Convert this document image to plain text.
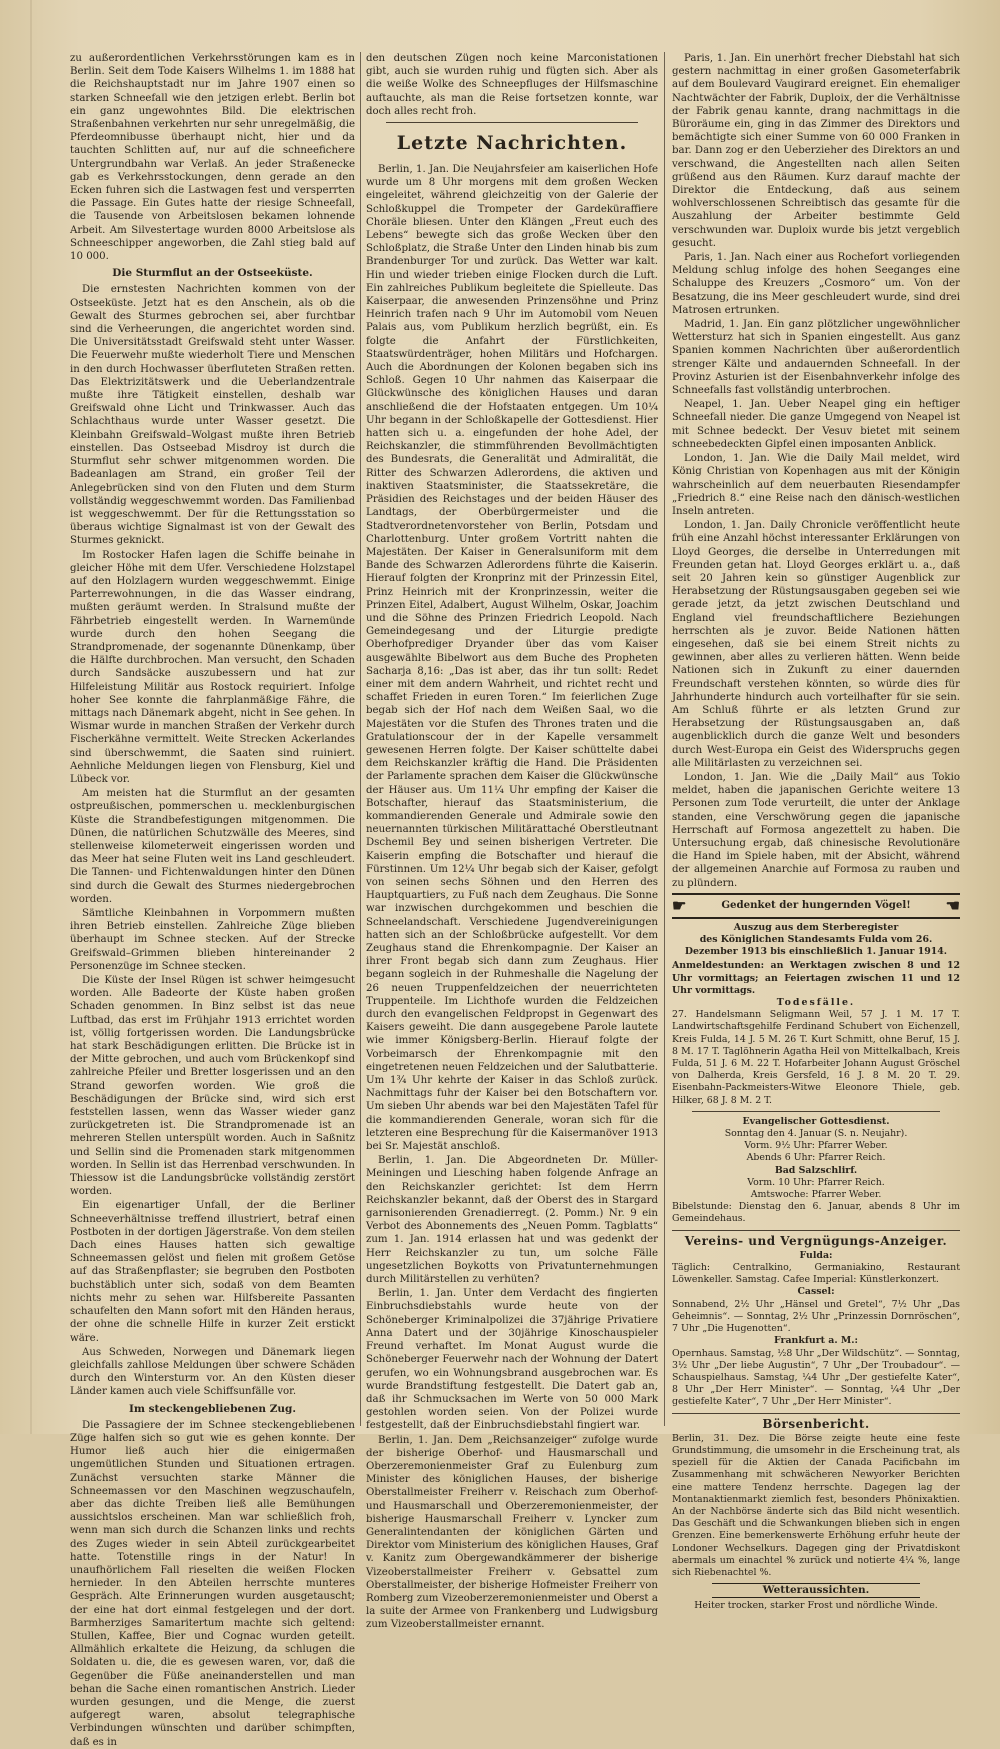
zu außerordentlichen Verkehrsstörungen kam es in Berlin. Seit dem Tode Kaisers Wilhelms 1. im 1888 hat die Reichshauptstadt nur im Jahre 1907 einen so starken Schneefall wie den jetzigen erlebt. Berlin bot ein ganz ungewohntes Bild. Die elektrischen Straßenbahnen verkehrten nur sehr unregelmäßig, die Pferdeomnibusse überhaupt nicht, hier und da tauchten Schlitten auf, nur auf die schneefichere Untergrundbahn war Verlaß. An jeder Straßenecke gab es Verkehrsstockungen, denn gerade an den Ecken fuhren sich die Lastwagen fest und versperrten die Passage. Ein Gutes hatte der riesige Schneefall, die Tausende von Arbeitslosen bekamen lohnende Arbeit. Am Silvestertage wurden 8000 Arbeitslose als Schneeschipper angeworben, die Zahl stieg bald auf 10 000.

Die Sturmflut an der Ostseeküste.

Die ernstesten Nachrichten kommen von der Ostseeküste. Jetzt hat es den Anschein, als ob die Gewalt des Sturmes gebrochen sei, aber furchtbar sind die Verheerungen, die angerichtet worden sind. Die Universitätsstadt Greifswald steht unter Wasser. Die Feuerwehr mußte wiederholt Tiere und Menschen in den durch Hochwasser überfluteten Straßen retten. Das Elektrizitätswerk und die Ueberlandzentrale mußte ihre Tätigkeit einstellen, deshalb war Greifswald ohne Licht und Trinkwasser. Auch das Schlachthaus wurde unter Wasser gesetzt. Die Kleinbahn Greifswald–Wolgast mußte ihren Betrieb einstellen. Das Ostseebad Misdroy ist durch die Sturmflut sehr schwer mitgenommen worden. Die Badeanlagen am Strand, ein großer Teil der Anlegebrücken sind von den Fluten und dem Sturm vollständig weggeschwemmt worden. Das Familienbad ist weggeschwemmt. Der für die Rettungsstation so überaus wichtige Signalmast ist von der Gewalt des Sturmes geknickt.

Im Rostocker Hafen lagen die Schiffe beinahe in gleicher Höhe mit dem Ufer. Verschiedene Holzstapel auf den Holzlagern wurden weggeschwemmt. Einige Parterrewohnungen, in die das Wasser eindrang, mußten geräumt werden. In Stralsund mußte der Fährbetrieb eingestellt werden. In Warnemünde wurde durch den hohen Seegang die Strandpromenade, der sogenannte Dünenkamp, über die Hälfte durchbrochen. Man versucht, den Schaden durch Sandsäcke auszubessern und hat zur Hilfeleistung Militär aus Rostock requiriert. Infolge hoher See konnte die fahrplanmäßige Fähre, die mittags nach Dänemark abgeht, nicht in See gehen. In Wismar wurde in manchen Straßen der Verkehr durch Fischerkähne vermittelt. Weite Strecken Ackerlandes sind überschwemmt, die Saaten sind ruiniert. Aehnliche Meldungen liegen von Flensburg, Kiel und Lübeck vor.

Am meisten hat die Sturmflut an der gesamten ostpreußischen, pommerschen u. mecklenburgischen Küste die Strandbefestigungen mitgenommen. Die Dünen, die natürlichen Schutzwälle des Meeres, sind stellenweise kilometerweit eingerissen worden und das Meer hat seine Fluten weit ins Land geschleudert. Die Tannen- und Fichtenwaldungen hinter den Dünen sind durch die Gewalt des Sturmes niedergebrochen worden.

Sämtliche Kleinbahnen in Vorpommern mußten ihren Betrieb einstellen. Zahlreiche Züge blieben überhaupt im Schnee stecken. Auf der Strecke Greifswald–Grimmen blieben hintereinander 2 Personenzüge im Schnee stecken.

Die Küste der Insel Rügen ist schwer heimgesucht worden. Alle Badeorte der Küste haben großen Schaden genommen. In Binz selbst ist das neue Luftbad, das erst im Frühjahr 1913 errichtet worden ist, völlig fortgerissen worden. Die Landungsbrücke hat stark Beschädigungen erlitten. Die Brücke ist in der Mitte gebrochen, und auch vom Brückenkopf sind zahlreiche Pfeiler und Bretter losgerissen und an den Strand geworfen worden. Wie groß die Beschädigungen der Brücke sind, wird sich erst feststellen lassen, wenn das Wasser wieder ganz zurückgetreten ist. Die Strandpromenade ist an mehreren Stellen unterspült worden. Auch in Saßnitz und Sellin sind die Promenaden stark mitgenommen worden. In Sellin ist das Herrenbad verschwunden. In Thiessow ist die Landungsbrücke vollständig zerstört worden.

Ein eigenartiger Unfall, der die Berliner Schneeverhältnisse treffend illustriert, betraf einen Postboten in der dortigen Jägerstraße. Von dem steilen Dach eines Hauses hatten sich gewaltige Schneemassen gelöst und fielen mit großem Getöse auf das Straßenpflaster; sie begruben den Postboten buchstäblich unter sich, sodaß von dem Beamten nichts mehr zu sehen war. Hilfsbereite Passanten schaufelten den Mann sofort mit den Händen heraus, der ohne die schnelle Hilfe in kurzer Zeit erstickt wäre.

Aus Schweden, Norwegen und Dänemark liegen gleichfalls zahllose Meldungen über schwere Schäden durch den Wintersturm vor. An den Küsten dieser Länder kamen auch viele Schiffsunfälle vor.

Im steckengebliebenen Zug.

Die Passagiere der im Schnee steckengebliebenen Züge halfen sich so gut wie es gehen konnte. Der Humor ließ auch hier die einigermaßen ungemütlichen Stunden und Situationen ertragen. Zunächst versuchten starke Männer die Schneemassen vor den Maschinen wegzuschaufeln, aber das dichte Treiben ließ alle Bemühungen aussichtslos erscheinen. Man war schließlich froh, wenn man sich durch die Schanzen links und rechts des Zuges wieder in sein Abteil zurückgearbeitet hatte. Totenstille rings in der Natur! In unaufhörlichem Fall rieselten die weißen Flocken hernieder. In den Abteilen herrschte munteres Gespräch. Alte Erinnerungen wurden ausgetauscht; der eine hat dort einmal festgelegen und der dort. Barmherziges Samaritertum machte sich geltend: Stullen, Kaffee, Bier und Cognac wurden geteilt. Allmählich erkaltete die Heizung, da schlugen die Soldaten u. die, die es gewesen waren, vor, daß die Gegenüber die Füße aneinanderstellen und man behan die Sache einen romantischen Anstrich. Lieder wurden gesungen, und die Menge, die zuerst aufgeregt waren, absolut telegraphische Verbindungen wünschten und darüber schimpften, daß es in

den deutschen Zügen noch keine Marconistationen gibt, auch sie wurden ruhig und fügten sich. Aber als die weiße Wolke des Schneepfluges der Hilfsmaschine auftauchte, als man die Reise fortsetzen konnte, war doch alles recht froh.

Letzte Nachrichten.

Berlin, 1. Jan. Die Neujahrsfeier am kaiserlichen Hofe wurde um 8 Uhr morgens mit dem großen Wecken eingeleitet, während gleichzeitig von der Galerie der Schloßkuppel die Trompeter der Gardeküraffiere Choräle bliesen. Unter den Klängen „Freut euch des Lebens“ bewegte sich das große Wecken über den Schloßplatz, die Straße Unter den Linden hinab bis zum Brandenburger Tor und zurück. Das Wetter war kalt. Hin und wieder trieben einige Flocken durch die Luft. Ein zahlreiches Publikum begleitete die Spielleute. Das Kaiserpaar, die anwesenden Prinzensöhne und Prinz Heinrich trafen nach 9 Uhr im Automobil vom Neuen Palais aus, vom Publikum herzlich begrüßt, ein. Es folgte die Anfahrt der Fürstlichkeiten, Staatswürdenträger, hohen Militärs und Hofchargen. Auch die Abordnungen der Kolonen begaben sich ins Schloß. Gegen 10 Uhr nahmen das Kaiserpaar die Glückwünsche des königlichen Hauses und daran anschließend die der Hofstaaten entgegen. Um 10¼ Uhr begann in der Schloßkapelle der Gottesdienst. Hier hatten sich u. a. eingefunden der hohe Adel, der Reichskanzler, die stimmführenden Bevollmächtigten des Bundesrats, die Generalität und Admiralität, die Ritter des Schwarzen Adlerordens, die aktiven und inaktiven Staatsminister, die Staatssekretäre, die Präsidien des Reichstages und der beiden Häuser des Landtags, der Oberbürgermeister und die Stadtverordnetenvorsteher von Berlin, Potsdam und Charlottenburg. Unter großem Vortritt nahten die Majestäten. Der Kaiser in Generalsuniform mit dem Bande des Schwarzen Adlerordens führte die Kaiserin. Hierauf folgten der Kronprinz mit der Prinzessin Eitel, Prinz Heinrich mit der Kronprinzessin, weiter die Prinzen Eitel, Adalbert, August Wilhelm, Oskar, Joachim und die Söhne des Prinzen Friedrich Leopold. Nach Gemeindegesang und der Liturgie predigte Oberhofprediger Dryander über das vom Kaiser ausgewählte Bibelwort aus dem Buche des Propheten Sacharja 8,16: „Das ist aber, das ihr tun sollt: Redet einer mit dem andern Wahrheit, und richtet recht und schaffet Frieden in euren Toren.“ Im feierlichen Zuge begab sich der Hof nach dem Weißen Saal, wo die Majestäten vor die Stufen des Thrones traten und die Gratulationscour der in der Kapelle versammelt gewesenen Herren folgte. Der Kaiser schüttelte dabei dem Reichskanzler kräftig die Hand. Die Präsidenten der Parlamente sprachen dem Kaiser die Glückwünsche der Häuser aus. Um 11¼ Uhr empfing der Kaiser die Botschafter, hierauf das Staatsministerium, die kommandierenden Generale und Admirale sowie den neuernannten türkischen Militärattaché Oberstleutnant Dschemil Bey und seinen bisherigen Vertreter. Die Kaiserin empfing die Botschafter und hierauf die Fürstinnen. Um 12¼ Uhr begab sich der Kaiser, gefolgt von seinen sechs Söhnen und den Herren des Hauptquartiers, zu Fuß nach dem Zeughaus. Die Sonne war inzwischen durchgekommen und beschien die Schneelandschaft. Verschiedene Jugendvereinigungen hatten sich an der Schloßbrücke aufgestellt. Vor dem Zeughaus stand die Ehrenkompagnie. Der Kaiser an ihrer Front begab sich dann zum Zeughaus. Hier begann sogleich in der Ruhmeshalle die Nagelung der 26 neuen Truppenfeldzeichen der neuerrichteten Truppenteile. Im Lichthofe wurden die Feldzeichen durch den evangelischen Feldpropst in Gegenwart des Kaisers geweiht. Die dann ausgegebene Parole lautete wie immer Königsberg-Berlin. Hierauf folgte der Vorbeimarsch der Ehrenkompagnie mit den eingetretenen neuen Feldzeichen und der Salutbatterie. Um 1¾ Uhr kehrte der Kaiser in das Schloß zurück. Nachmittags fuhr der Kaiser bei den Botschaftern vor. Um sieben Uhr abends war bei den Majestäten Tafel für die kommandierenden Generale, woran sich für die letzteren eine Besprechung für die Kaisermanöver 1913 bei Sr. Majestät anschloß.

Berlin, 1. Jan. Die Abgeordneten Dr. Müller-Meiningen und Liesching haben folgende Anfrage an den Reichskanzler gerichtet: Ist dem Herrn Reichskanzler bekannt, daß der Oberst des in Stargard garnisonierenden Grenadierregt. (2. Pomm.) Nr. 9 ein Verbot des Abonnements des „Neuen Pomm. Tagblatts“ zum 1. Jan. 1914 erlassen hat und was gedenkt der Herr Reichskanzler zu tun, um solche Fälle ungesetzlichen Boykotts von Privatunternehmungen durch Militärstellen zu verhüten?

Berlin, 1. Jan. Unter dem Verdacht des fingierten Einbruchsdiebstahls wurde heute von der Schöneberger Kriminalpolizei die 37jährige Privatiere Anna Datert und der 30jährige Kinoschauspieler Freund verhaftet. Im Monat August wurde die Schöneberger Feuerwehr nach der Wohnung der Datert gerufen, wo ein Wohnungsbrand ausgebrochen war. Es wurde Brandstiftung festgestellt. Die Datert gab an, daß ihr Schmucksachen im Werte von 50 000 Mark gestohlen worden seien. Von der Polizei wurde festgestellt, daß der Einbruchsdiebstahl fingiert war.

Berlin, 1. Jan. Dem „Reichsanzeiger“ zufolge wurde der bisherige Oberhof- und Hausmarschall und Oberzeremonienmeister Graf zu Eulenburg zum Minister des königlichen Hauses, der bisherige Oberstallmeister Freiherr v. Reischach zum Oberhof- und Hausmarschall und Oberzeremonienmeister, der bisherige Hausmarschall Freiherr v. Lyncker zum Generalintendanten der königlichen Gärten und Direktor vom Ministerium des königlichen Hauses, Graf v. Kanitz zum Obergewandkämmerer der bisherige Vizeoberstallmeister Freiherr v. Gebsattel zum Oberstallmeister, der bisherige Hofmeister Freiherr von Romberg zum Vizeoberzeremonienmeister und Oberst a la suite der Armee von Frankenberg und Ludwigsburg zum Vizeoberstallmeister ernannt.

Paris, 1. Jan. Ein unerhört frecher Diebstahl hat sich gestern nachmittag in einer großen Gasometerfabrik auf dem Boulevard Vaugirard ereignet. Ein ehemaliger Nachtwächter der Fabrik, Duploix, der die Verhältnisse der Fabrik genau kannte, drang nachmittags in die Büroräume ein, ging in das Zimmer des Direktors und bemächtigte sich einer Summe von 60 000 Franken in bar. Dann zog er den Ueberzieher des Direktors an und verschwand, die Angestellten nach allen Seiten grüßend aus den Räumen. Kurz darauf machte der Direktor die Entdeckung, daß aus seinem wohlverschlossenen Schreibtisch das gesamte für die Auszahlung der Arbeiter bestimmte Geld verschwunden war. Duploix wurde bis jetzt vergeblich gesucht.

Paris, 1. Jan. Nach einer aus Rochefort vorliegenden Meldung schlug infolge des hohen Seeganges eine Schaluppe des Kreuzers „Cosmoro“ um. Von der Besatzung, die ins Meer geschleudert wurde, sind drei Matrosen ertrunken.

Madrid, 1. Jan. Ein ganz plötzlicher ungewöhnlicher Wettersturz hat sich in Spanien eingestellt. Aus ganz Spanien kommen Nachrichten über außerordentlich strenger Kälte und andauernden Schneefall. In der Provinz Asturien ist der Eisenbahnverkehr infolge des Schneefalls fast vollständig unterbrochen.

Neapel, 1. Jan. Ueber Neapel ging ein heftiger Schneefall nieder. Die ganze Umgegend von Neapel ist mit Schnee bedeckt. Der Vesuv bietet mit seinem schneebedeckten Gipfel einen imposanten Anblick.

London, 1. Jan. Wie die Daily Mail meldet, wird König Christian von Kopenhagen aus mit der Königin wahrscheinlich auf dem neuerbauten Riesendampfer „Friedrich 8.“ eine Reise nach den dänisch-westlichen Inseln antreten.

London, 1. Jan. Daily Chronicle veröffentlicht heute früh eine Anzahl höchst interessanter Erklärungen von Lloyd Georges, die derselbe in Unterredungen mit Freunden getan hat. Lloyd Georges erklärt u. a., daß seit 20 Jahren kein so günstiger Augenblick zur Herabsetzung der Rüstungsausgaben gegeben sei wie gerade jetzt, da jetzt zwischen Deutschland und England viel freundschaftlichere Beziehungen herrschten als je zuvor. Beide Nationen hätten eingesehen, daß sie bei einem Streit nichts zu gewinnen, aber alles zu verlieren hätten. Wenn beide Nationen sich in Zukunft zu einer dauernden Freundschaft verstehen könnten, so würde dies für Jahrhunderte hindurch auch vorteilhafter für sie sein. Am Schluß führte er als letzten Grund zur Herabsetzung der Rüstungsausgaben an, daß augenblicklich durch die ganze Welt und besonders durch West-Europa ein Geist des Widerspruchs gegen alle Militärlasten zu verzeichnen sei.

London, 1. Jan. Wie die „Daily Mail“ aus Tokio meldet, haben die japanischen Gerichte weitere 13 Personen zum Tode verurteilt, die unter der Anklage standen, eine Verschwörung gegen die japanische Herrschaft auf Formosa angezettelt zu haben. Die Untersuchung ergab, daß chinesische Revolutionäre die Hand im Spiele haben, mit der Absicht, während der allgemeinen Anarchie auf Formosa zu rauben und zu plündern.

☛	Gedenket der hungernden Vögel! ☚
Auszug aus dem Sterberegister
des Königlichen Standesamts Fulda vom 26. Dezember 1913 bis einschließlich 1. Januar 1914.
Anmeldestunden: an Werktagen zwischen 8 und 12 Uhr vormittags; an Feiertagen zwischen 11 und 12 Uhr vormittags.
Todesfälle.
27. Handelsmann Seligmann Weil, 57 J. 1 M. 17 T. Landwirtschaftsgehilfe Ferdinand Schubert von Eichenzell, Kreis Fulda, 14 J. 5 M. 26 T. Kurt Schmitt, ohne Beruf, 15 J. 8 M. 17 T. Taglöhnerin Agatha Heil von Mittelkalbach, Kreis Fulda, 51 J. 6 M. 22 T. Hofarbeiter Johann August Gröschel von Dalherda, Kreis Gersfeld, 16 J. 8 M. 20 T. 29. Eisenbahn-Packmeisters-Witwe Eleonore Thiele, geb. Hilker, 68 J. 8 M. 2 T.
Evangelischer Gottesdienst.
Sonntag den 4. Januar (S. n. Neujahr).
Vorm. 9½ Uhr: Pfarrer Weber.
Abends 6 Uhr: Pfarrer Reich.
Bad Salzschlirf.
Vorm. 10 Uhr: Pfarrer Reich.
Amtswoche: Pfarrer Weber.
Bibelstunde: Dienstag den 6. Januar, abends 8 Uhr im Gemeindehaus.
Vereins- und Vergnügungs-Anzeiger.
Fulda:
Täglich: Centralkino, Germaniakino, Restaurant Löwenkeller. Samstag. Cafee Imperial: Künstlerkonzert.
Cassel:
Sonnabend, 2½ Uhr „Hänsel und Gretel“, 7½ Uhr „Das Geheimnis“. — Sonntag, 2½ Uhr „Prinzessin Dornröschen“, 7 Uhr „Die Hugenotten“.
Frankfurt a. M.:
Opernhaus. Samstag, ½8 Uhr „Der Wildschütz“. — Sonntag, 3½ Uhr „Der liebe Augustin“, 7 Uhr „Der Troubadour“. — Schauspielhaus. Samstag, ¼4 Uhr „Der gestiefelte Kater“, 8 Uhr „Der Herr Minister“. — Sonntag, ¼4 Uhr „Der gestiefelte Kater“, 7 Uhr „Der Herr Minister“.
Börsenbericht.
Berlin, 31. Dez. Die Börse zeigte heute eine feste Grundstimmung, die umsomehr in die Erscheinung trat, als speziell für die Aktien der Canada Pacificbahn im Zusammenhang mit schwächeren Newyorker Berichten eine mattere Tendenz herrschte. Dagegen lag der Montanaktienmarkt ziemlich fest, besonders Phönixaktien. An der Nachbörse änderte sich das Bild nicht wesentlich. Das Geschäft und die Schwankungen blieben sich in engen Grenzen. Eine bemerkenswerte Erhöhung erfuhr heute der Londoner Wechselkurs. Dagegen ging der Privatdiskont abermals um einachtel % zurück und notierte 4¼ %, lange sich Riebenachtel %.
Wetteraussichten.
Heiter trocken, starker Frost und nördliche Winde.
